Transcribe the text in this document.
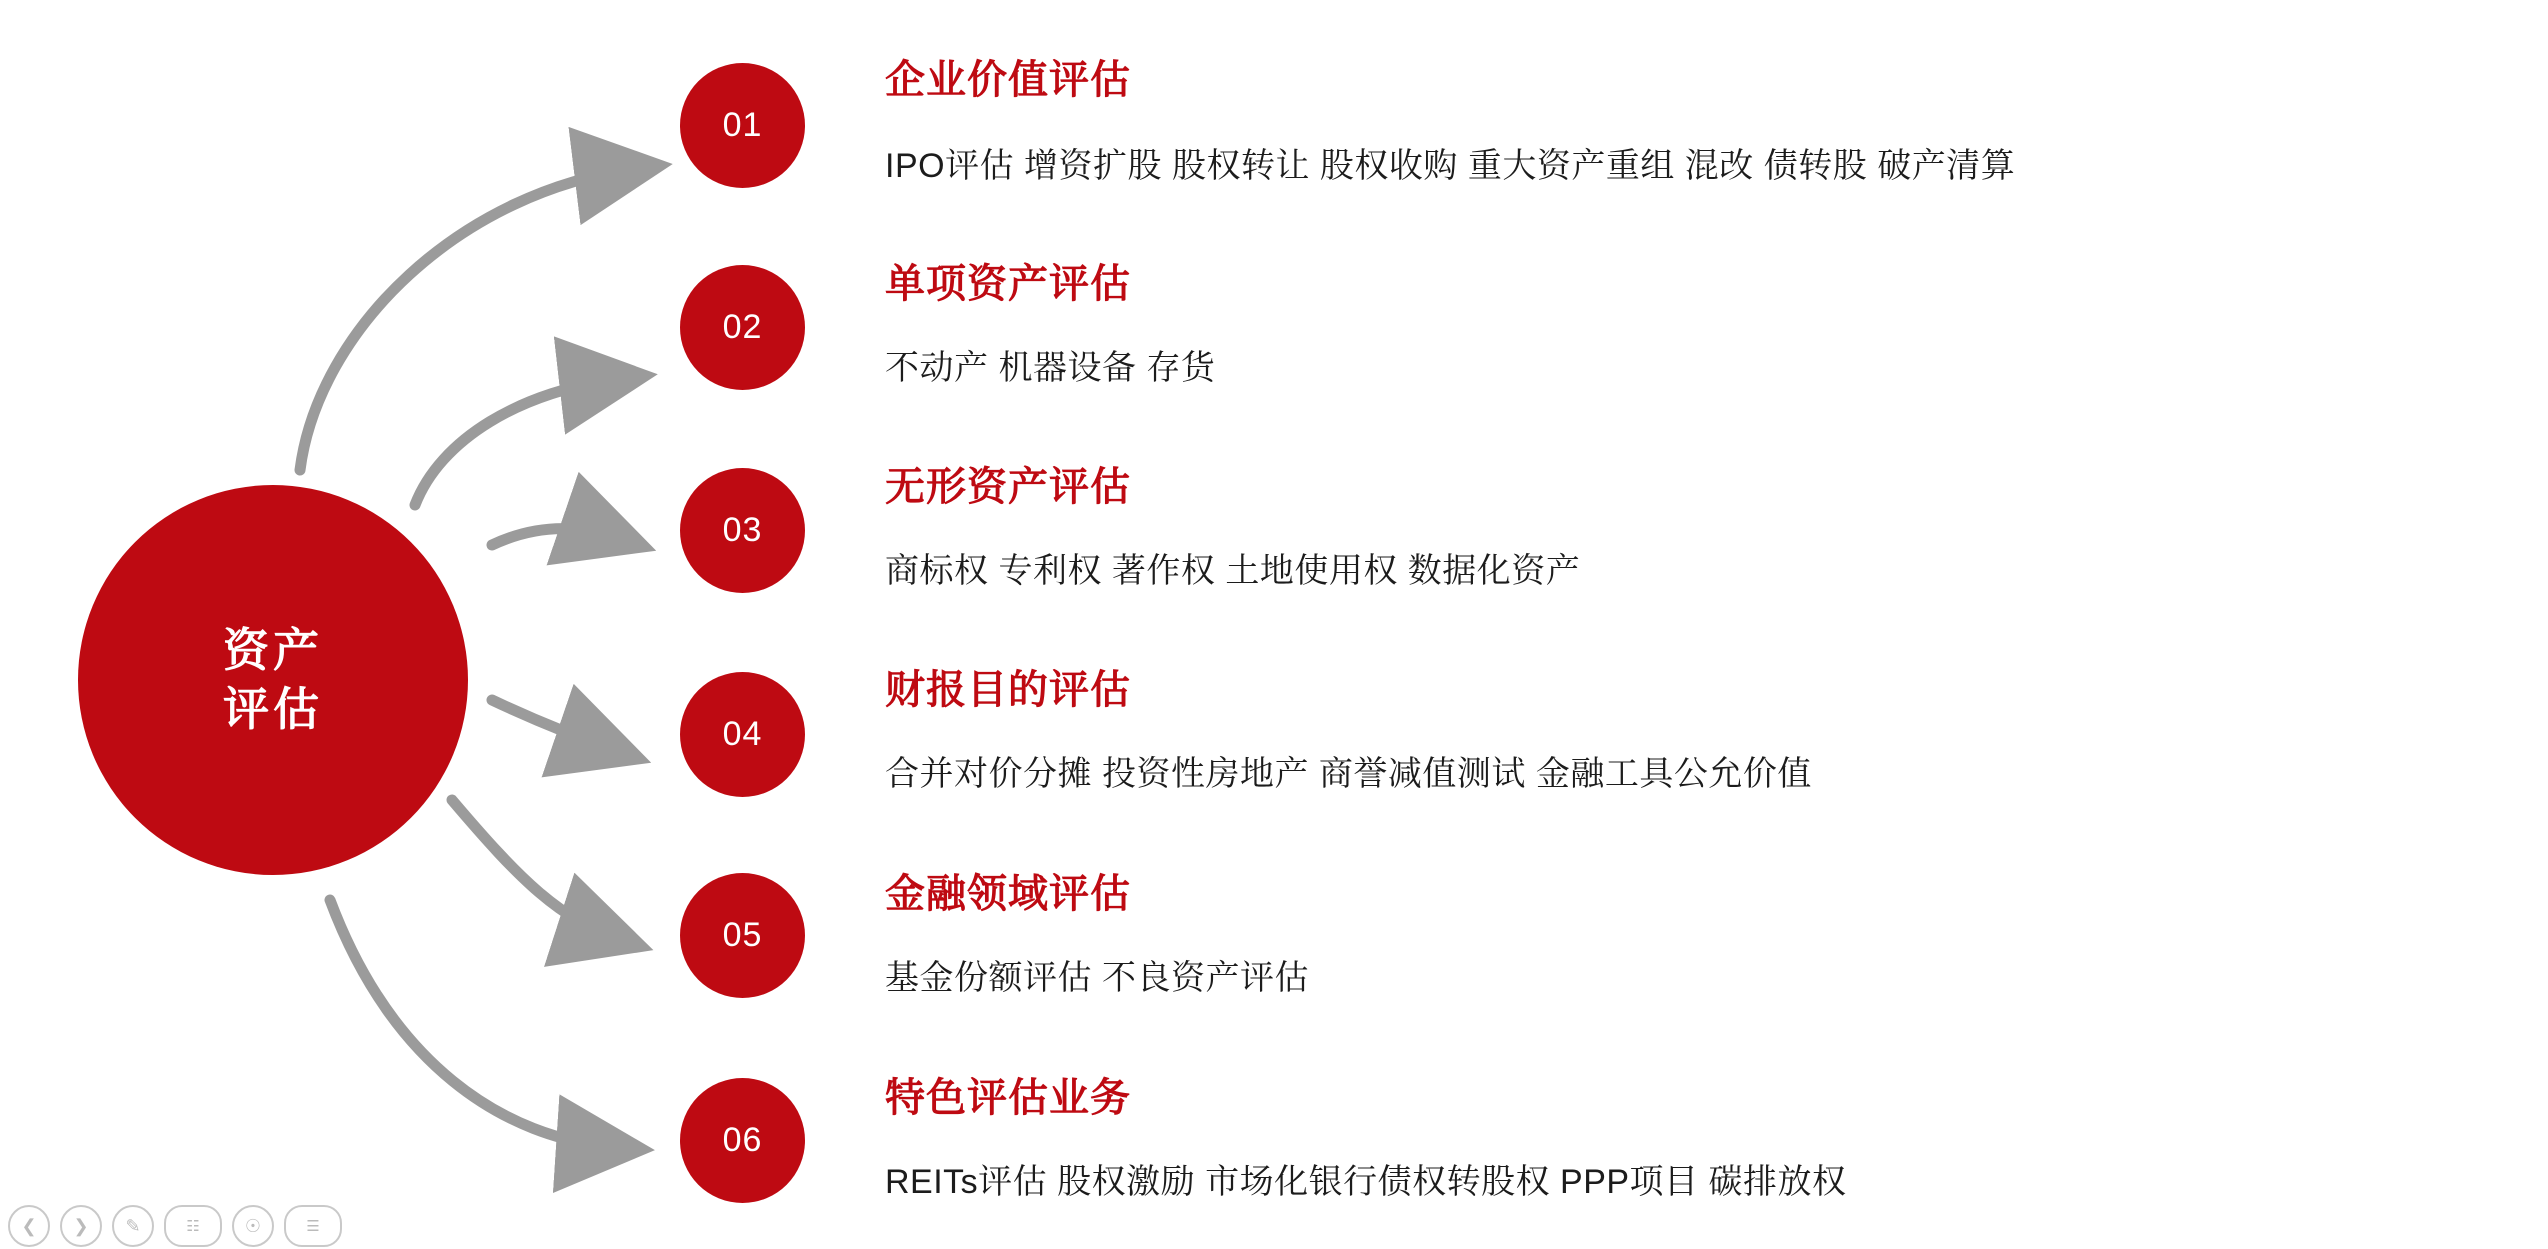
资产
评估
01
企业价值评估
IPO评估 增资扩股 股权转让 股权收购 重大资产重组 混改 债转股 破产清算
02
单项资产评估
不动产 机器设备 存货
03
无形资产评估
商标权 专利权 著作权 土地使用权 数据化资产
04
财报目的评估
合并对价分摊 投资性房地产 商誉减值测试 金融工具公允价值
05
金融领域评估
基金份额评估 不良资产评估
06
特色评估业务
REITs评估 股权激励 市场化银行债权转股权 PPP项目 碳排放权
❮	❯	✎	☷	☉	☰
